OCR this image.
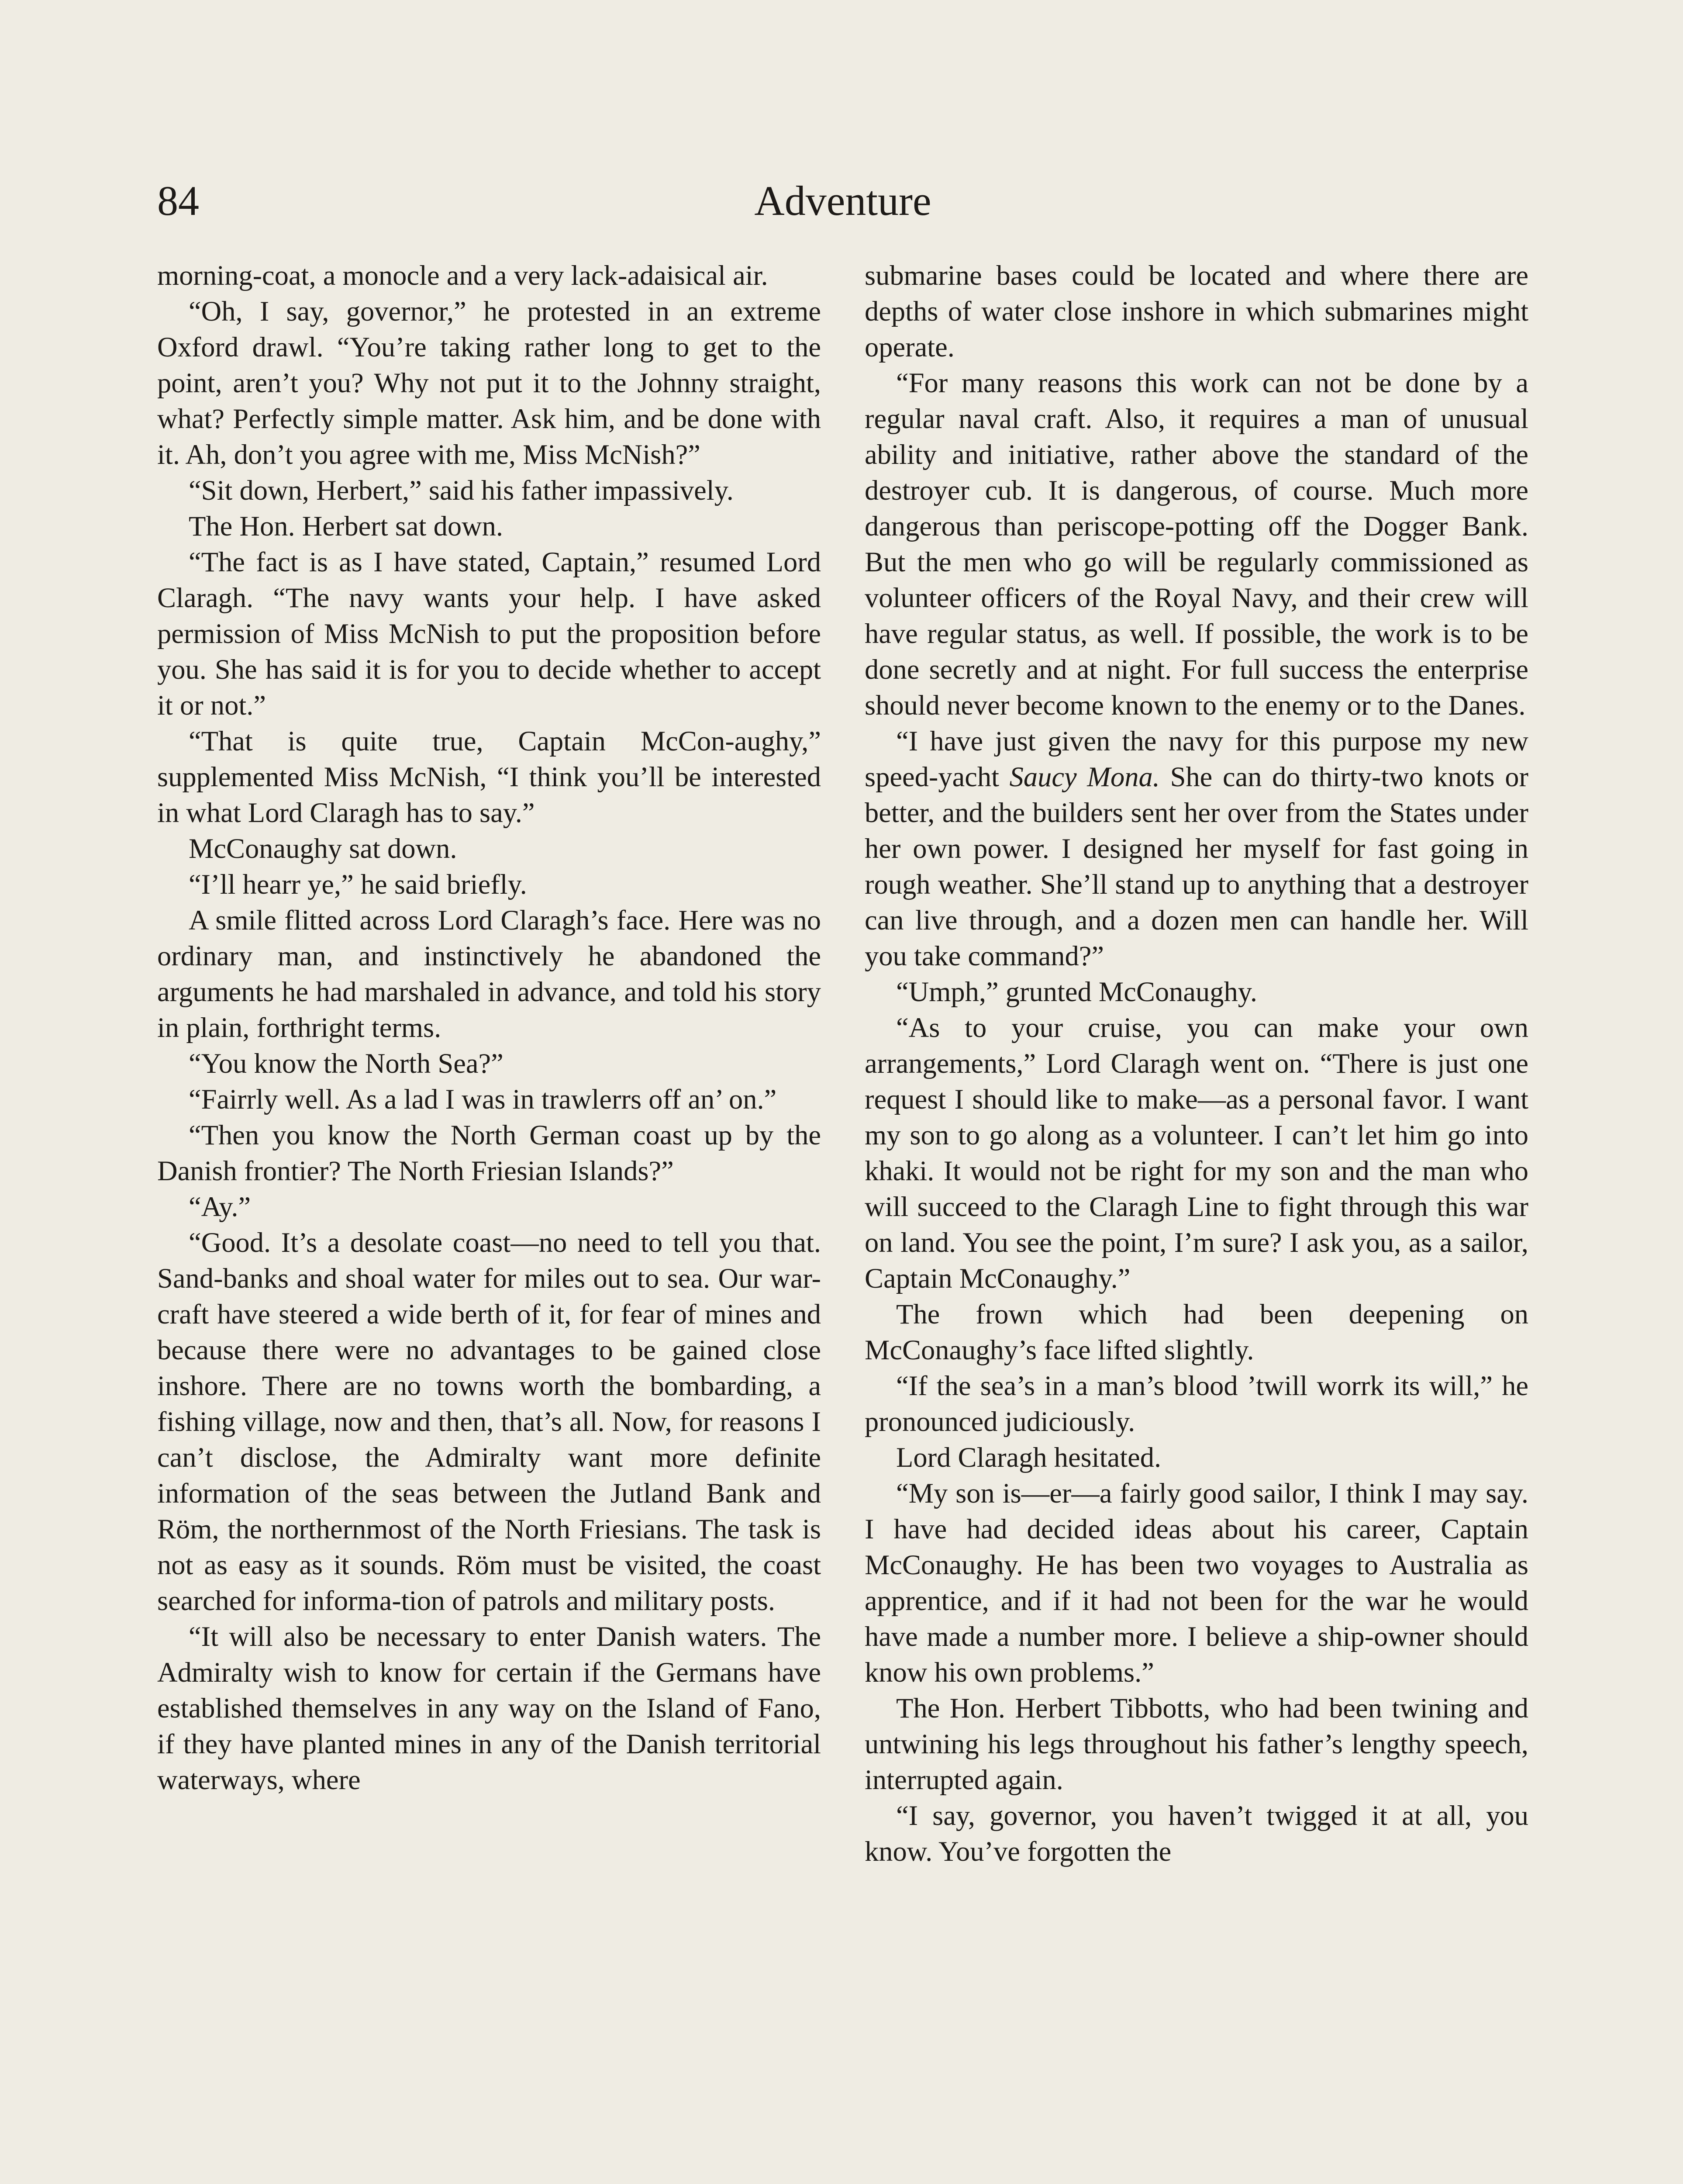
84	Adventure

morning-coat, a monocle and a very lack-adaisical air.

“Oh, I say, governor,” he protested in an extreme Oxford drawl. “You’re taking rather long to get to the point, aren’t you? Why not put it to the Johnny straight, what? Perfectly simple matter. Ask him, and be done with it. Ah, don’t you agree with me, Miss McNish?”

“Sit down, Herbert,” said his father impassively.

The Hon. Herbert sat down.

“The fact is as I have stated, Captain,” resumed Lord Claragh. “The navy wants your help. I have asked permission of Miss McNish to put the proposition before you. She has said it is for you to decide whether to accept it or not.”

“That is quite true, Captain McCon-aughy,” supplemented Miss McNish, “I think you’ll be interested in what Lord Claragh has to say.”

McConaughy sat down.

“I’ll hearr ye,” he said briefly.

A smile flitted across Lord Claragh’s face. Here was no ordinary man, and instinctively he abandoned the arguments he had marshaled in advance, and told his story in plain, forthright terms.

“You know the North Sea?”

“Fairrly well. As a lad I was in trawlerrs off an’ on.”

“Then you know the North German coast up by the Danish frontier? The North Friesian Islands?”

“Ay.”

“Good. It’s a desolate coast—no need to tell you that. Sand-banks and shoal water for miles out to sea. Our war-craft have steered a wide berth of it, for fear of mines and because there were no advantages to be gained close inshore. There are no towns worth the bombarding, a fishing village, now and then, that’s all. Now, for reasons I can’t disclose, the Admiralty want more definite information of the seas between the Jutland Bank and Röm, the northernmost of the North Friesians. The task is not as easy as it sounds. Röm must be visited, the coast searched for informa-tion of patrols and military posts.

“It will also be necessary to enter Danish waters. The Admiralty wish to know for certain if the Germans have established themselves in any way on the Island of Fano, if they have planted mines in any of the Danish territorial waterways, where

submarine bases could be located and where there are depths of water close inshore in which submarines might operate.

“For many reasons this work can not be done by a regular naval craft. Also, it requires a man of unusual ability and initiative, rather above the standard of the destroyer cub. It is dangerous, of course. Much more dangerous than periscope-potting off the Dogger Bank. But the men who go will be regularly commissioned as volunteer officers of the Royal Navy, and their crew will have regular status, as well. If possible, the work is to be done secretly and at night. For full success the enterprise should never become known to the enemy or to the Danes.

“I have just given the navy for this purpose my new speed-yacht Saucy Mona. She can do thirty-two knots or better, and the builders sent her over from the States under her own power. I designed her myself for fast going in rough weather. She’ll stand up to anything that a destroyer can live through, and a dozen men can handle her. Will you take command?”

“Umph,” grunted McConaughy.

“As to your cruise, you can make your own arrangements,” Lord Claragh went on. “There is just one request I should like to make—as a personal favor. I want my son to go along as a volunteer. I can’t let him go into khaki. It would not be right for my son and the man who will succeed to the Claragh Line to fight through this war on land. You see the point, I’m sure? I ask you, as a sailor, Captain McConaughy.”

The frown which had been deepening on McConaughy’s face lifted slightly.

“If the sea’s in a man’s blood ’twill worrk its will,” he pronounced judiciously.

Lord Claragh hesitated.

“My son is—er—a fairly good sailor, I think I may say. I have had decided ideas about his career, Captain McConaughy. He has been two voyages to Australia as apprentice, and if it had not been for the war he would have made a number more. I believe a ship-owner should know his own problems.”

The Hon. Herbert Tibbotts, who had been twining and untwining his legs throughout his father’s lengthy speech, interrupted again.

“I say, governor, you haven’t twigged it at all, you know. You’ve forgotten the
